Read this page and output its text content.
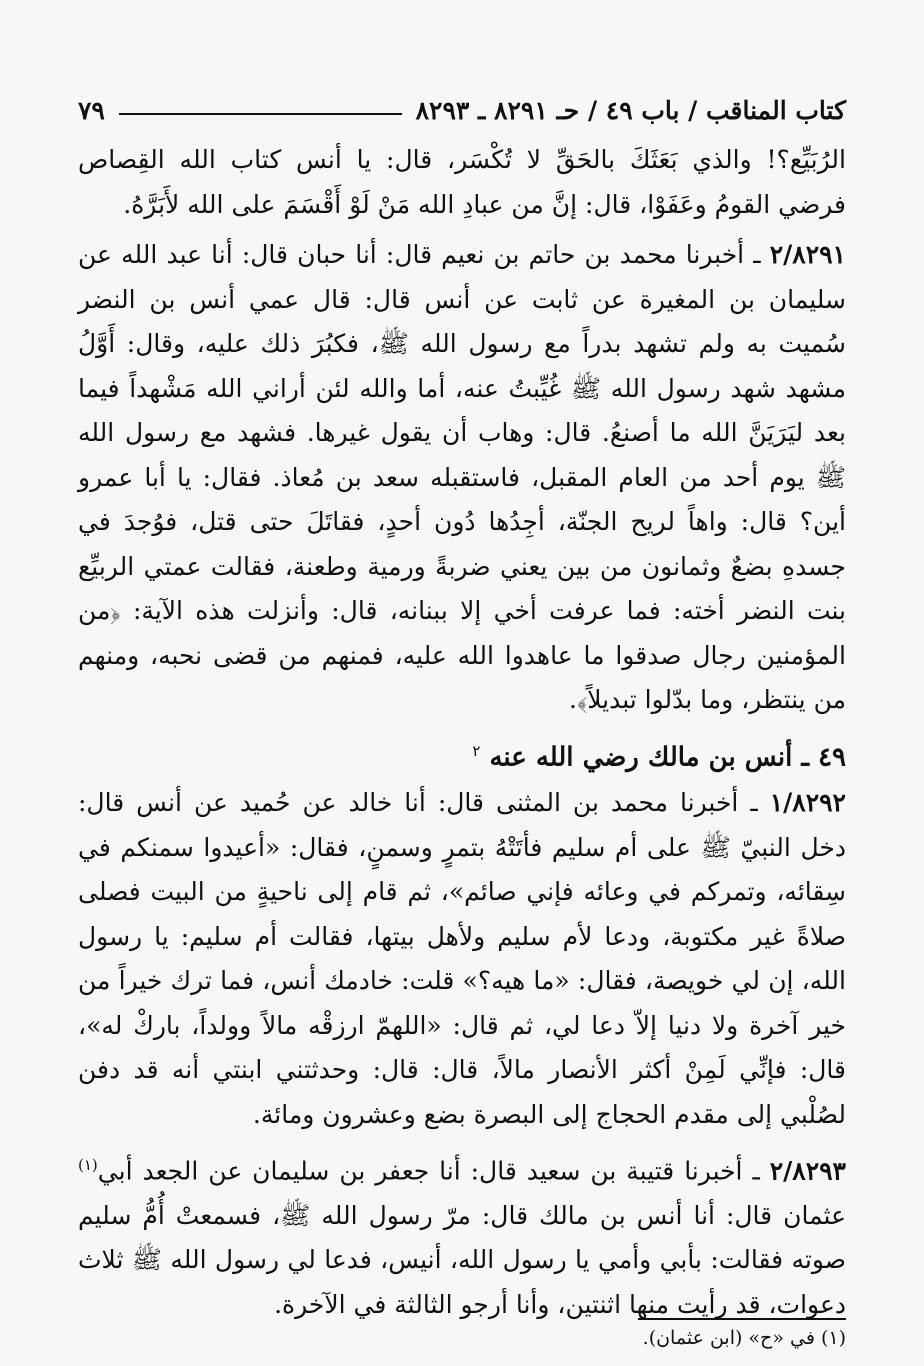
كتاب المناقب / باب ٤٩ / حـ ٨٢٩١ ـ ٨٢٩٣
٧٩

الرُبَيِّع؟! والذي بَعَثَكَ بالحَقِّ لا تُكْسَر، قال: يا أنس كتاب الله القِصاص فرضي القومُ وعَفَوْا، قال: إنَّ من عبادِ الله مَنْ لَوْ أَقْسَمَ على الله لأَبَرَّهُ.

٢/٨٢٩١ ـ أخبرنا محمد بن حاتم بن نعيم قال: أنا حبان قال: أنا عبد الله عن سليمان بن المغيرة عن ثابت عن أنس قال: قال عمي أنس بن النضر سُميت به ولم تشهد بدراً مع رسول الله ﷺ، فكبُرَ ذلك عليه، وقال: أَوَّلُ مشهد شهد رسول الله ﷺ غُيِّبتُ عنه، أما والله لئن أراني الله مَشْهداً فيما بعد ليَرَيَنَّ الله ما أصنعُ. قال: وهاب أن يقول غيرها. فشهد مع رسول الله ﷺ يوم أحد من العام المقبل، فاستقبله سعد بن مُعاذ. فقال: يا أبا عمرو أين؟ قال: واهاً لريح الجنّة، أجِدُها دُون أحدٍ، فقاتَلَ حتى قتل، فوُجدَ في جسدهِ بضعٌ وثمانون من بين يعني ضربةً ورمية وطعنة، فقالت عمتي الربيِّع بنت النضر أخته: فما عرفت أخي إلا ببنانه، قال: وأنزلت هذه الآية: ﴿من المؤمنين رجال صدقوا ما عاهدوا الله عليه، فمنهم من قضى نحبه، ومنهم من ينتظر، وما بدّلوا تبديلاً﴾.

٤٩ ـ أنس بن مالك رضي الله عنه $^٢$

١/٨٢٩٢ ـ أخبرنا محمد بن المثنى قال: أنا خالد عن حُميد عن أنس قال: دخل النبيّ ﷺ على أم سليم فأتَتْهُ بتمرٍ وسمنٍ، فقال: «أعيدوا سمنكم في سِقائه، وتمركم في وعائه فإني صائم»، ثم قام إلى ناحيةٍ من البيت فصلى صلاةً غير مكتوبة، ودعا لأم سليم ولأهل بيتها، فقالت أم سليم: يا رسول الله، إن لي خويصة، فقال: «ما هيه؟» قلت: خادمك أنس، فما ترك خيراً من خير آخرة ولا دنيا إلاّ دعا لي، ثم قال: «اللهمّ ارزقْه مالاً وولداً، باركْ له»، قال: فإنِّي لَمِنْ أكثر الأنصار مالاً، قال: قال: وحدثتني ابنتي أنه قد دفن لصُلْبي إلى مقدم الحجاج إلى البصرة بضع وعشرون ومائة.

٢/٨٢٩٣ ـ أخبرنا قتيبة بن سعيد قال: أنا جعفر بن سليمان عن الجعد أبي$^{(١)}$ عثمان قال: أنا أنس بن مالك قال: مرّ رسول الله ﷺ، فسمعتْ أُمُّ سليم صوته فقالت: بأبي وأمي يا رسول الله، أنيس، فدعا لي رسول الله ﷺ ثلاث دعوات، قد رأيت منها اثنتين، وأنا أرجو الثالثة في الآخرة.

(١) في «ح» (ابن عثمان).
